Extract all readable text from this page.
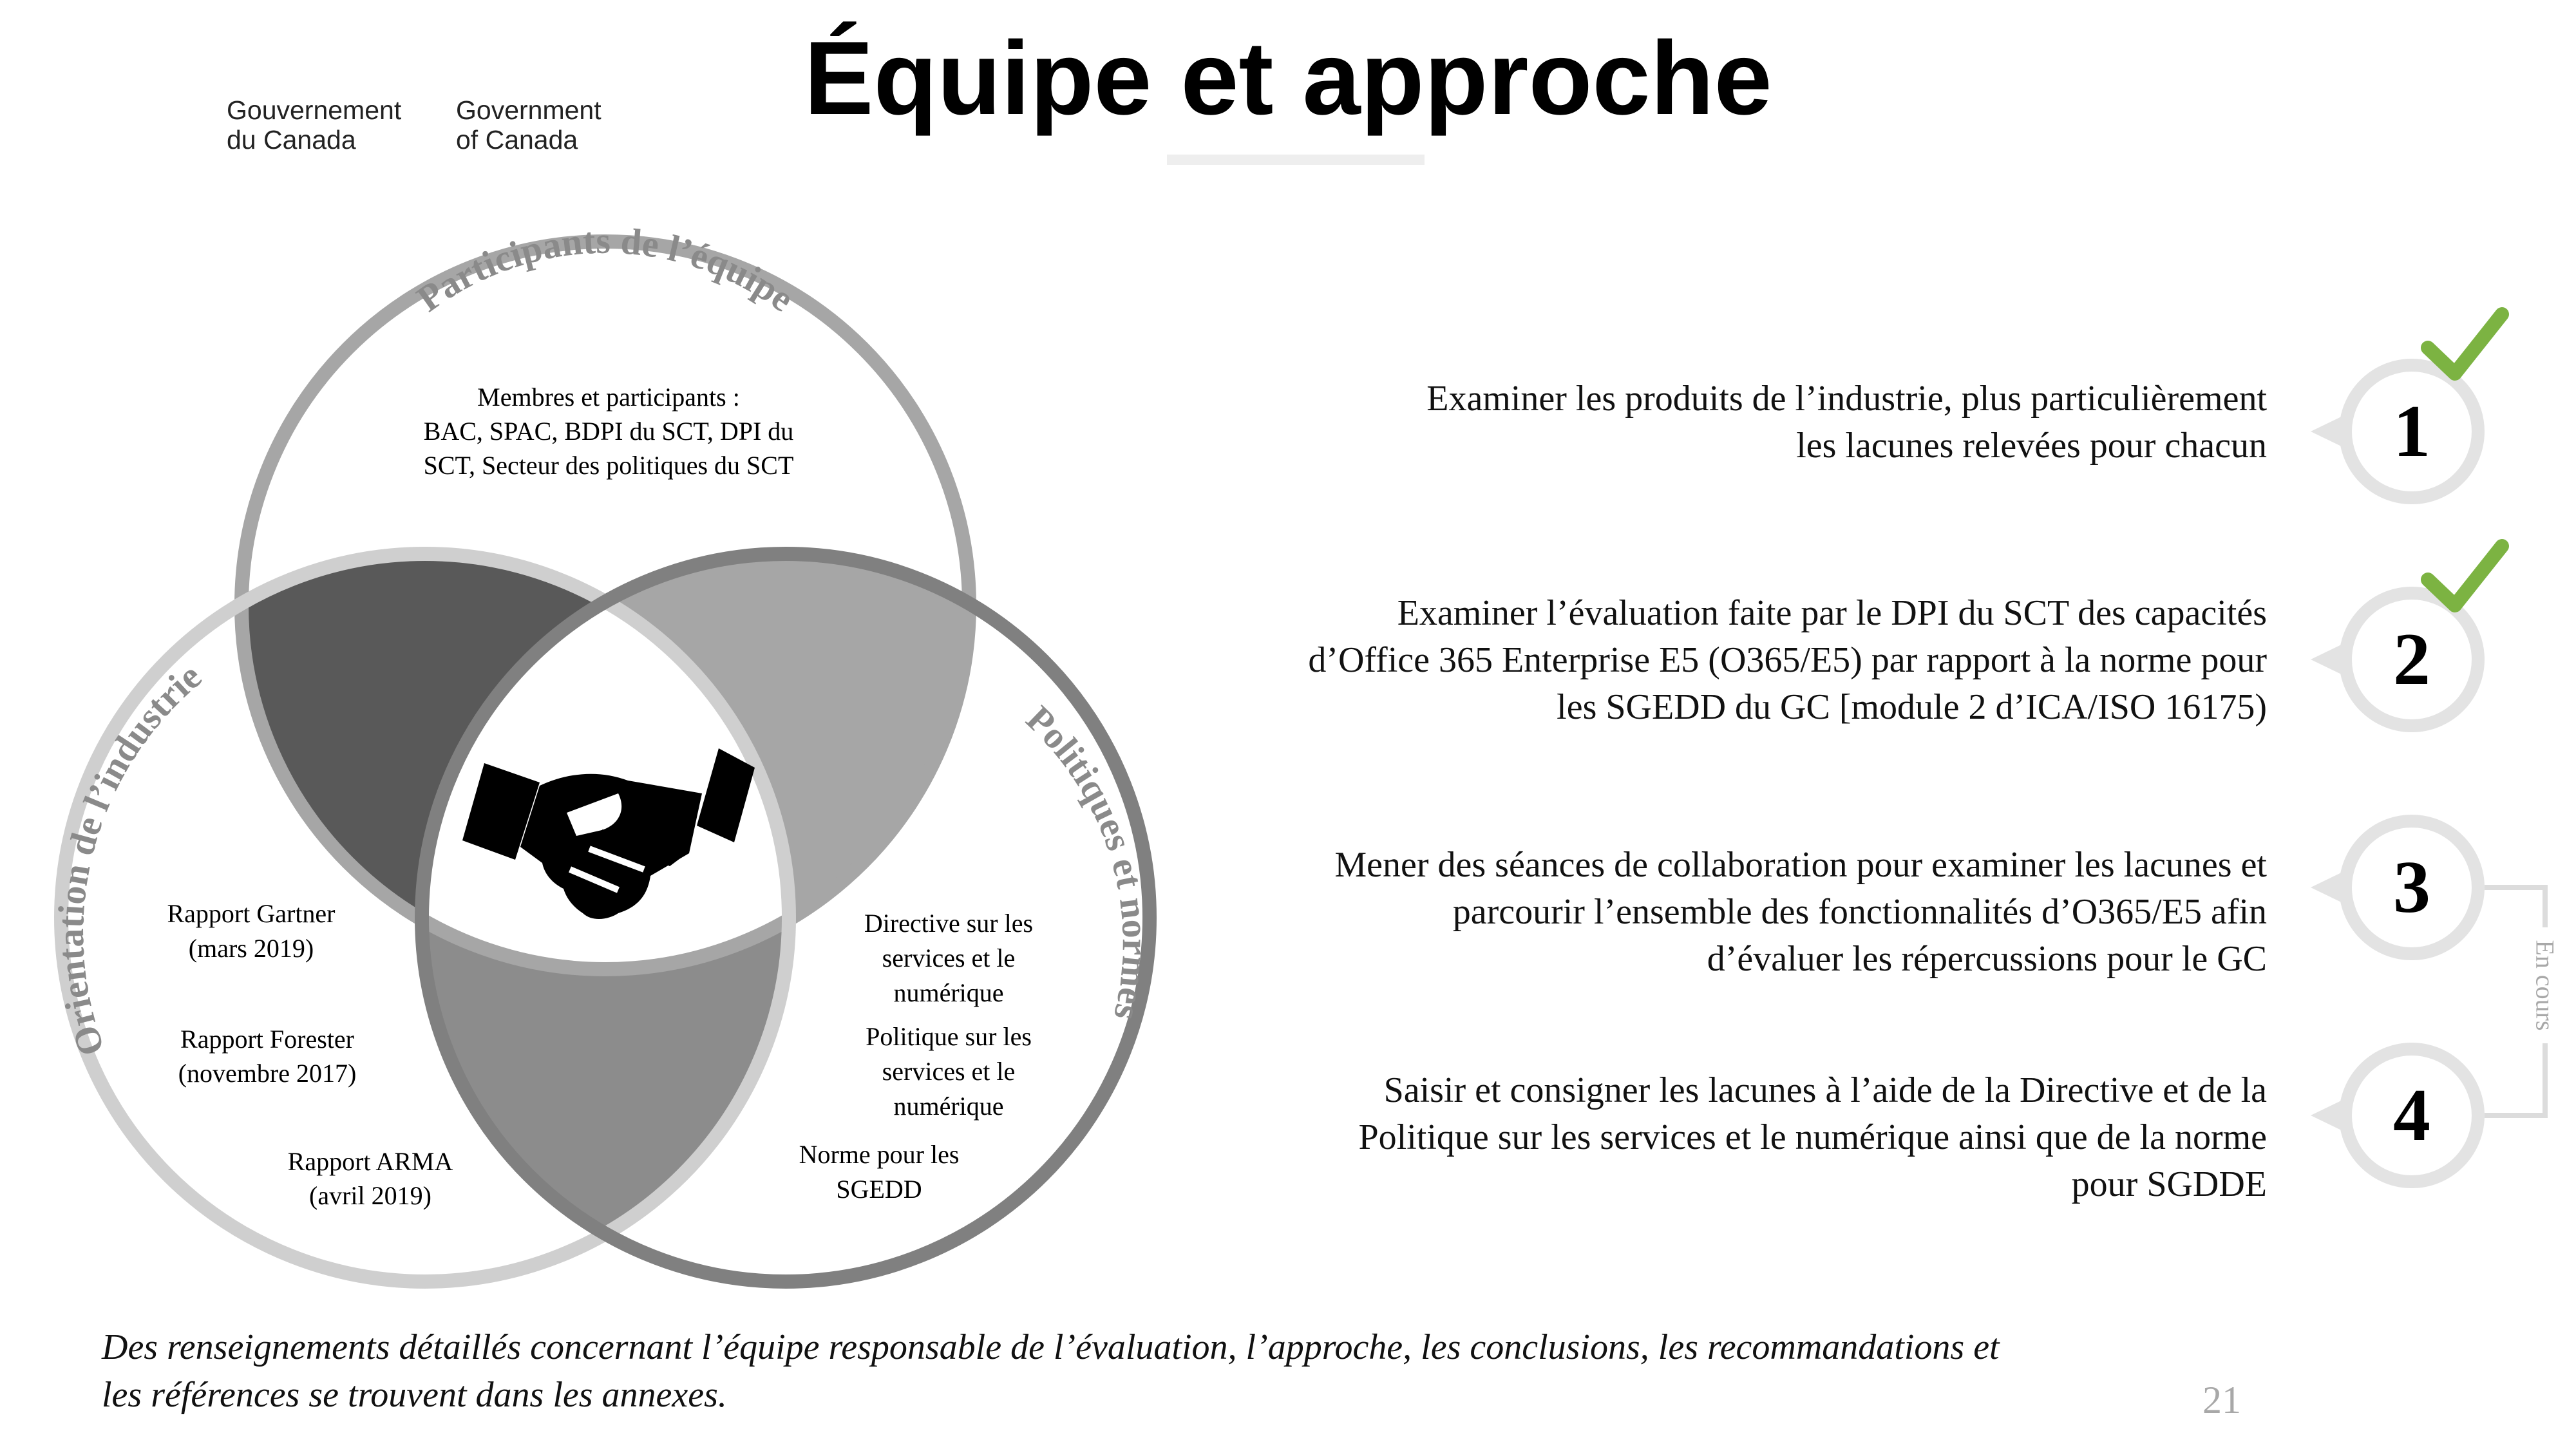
Gouvernement
du Canada
Government
of Canada
Équipe et approche
Participants de l’équipe
Orientation de l’industrie
Politiques et normes
Membres et participants :
BAC, SPAC, BDPI du SCT, DPI du
SCT, Secteur des politiques du SCT
Rapport Gartner
(mars 2019)
Rapport Forester
(novembre 2017)
Rapport ARMA
(avril 2019)
Directive sur les
services et le
numérique
Politique sur les
services et le
numérique
Norme pour les
SGEDD
Examiner les produits de l’industrie, plus particulièrement
les lacunes relevées pour chacun
Examiner l’évaluation faite par le DPI du SCT des capacités
d’Office 365 Enterprise E5 (O365/E5) par rapport à la norme pour
les SGEDD du GC [module 2 d’ICA/ISO 16175)
Mener des séances de collaboration pour examiner les lacunes et
parcourir l’ensemble des fonctionnalités d’O365/E5 afin
d’évaluer les répercussions pour le GC
Saisir et consigner les lacunes à l’aide de la Directive et de la
Politique sur les services et le numérique ainsi que de la norme
pour SGDDE
1
2
3
4
En cours
Des renseignements détaillés concernant l’équipe responsable de l’évaluation, l’approche, les conclusions, les recommandations et les références se trouvent dans les annexes.	21
